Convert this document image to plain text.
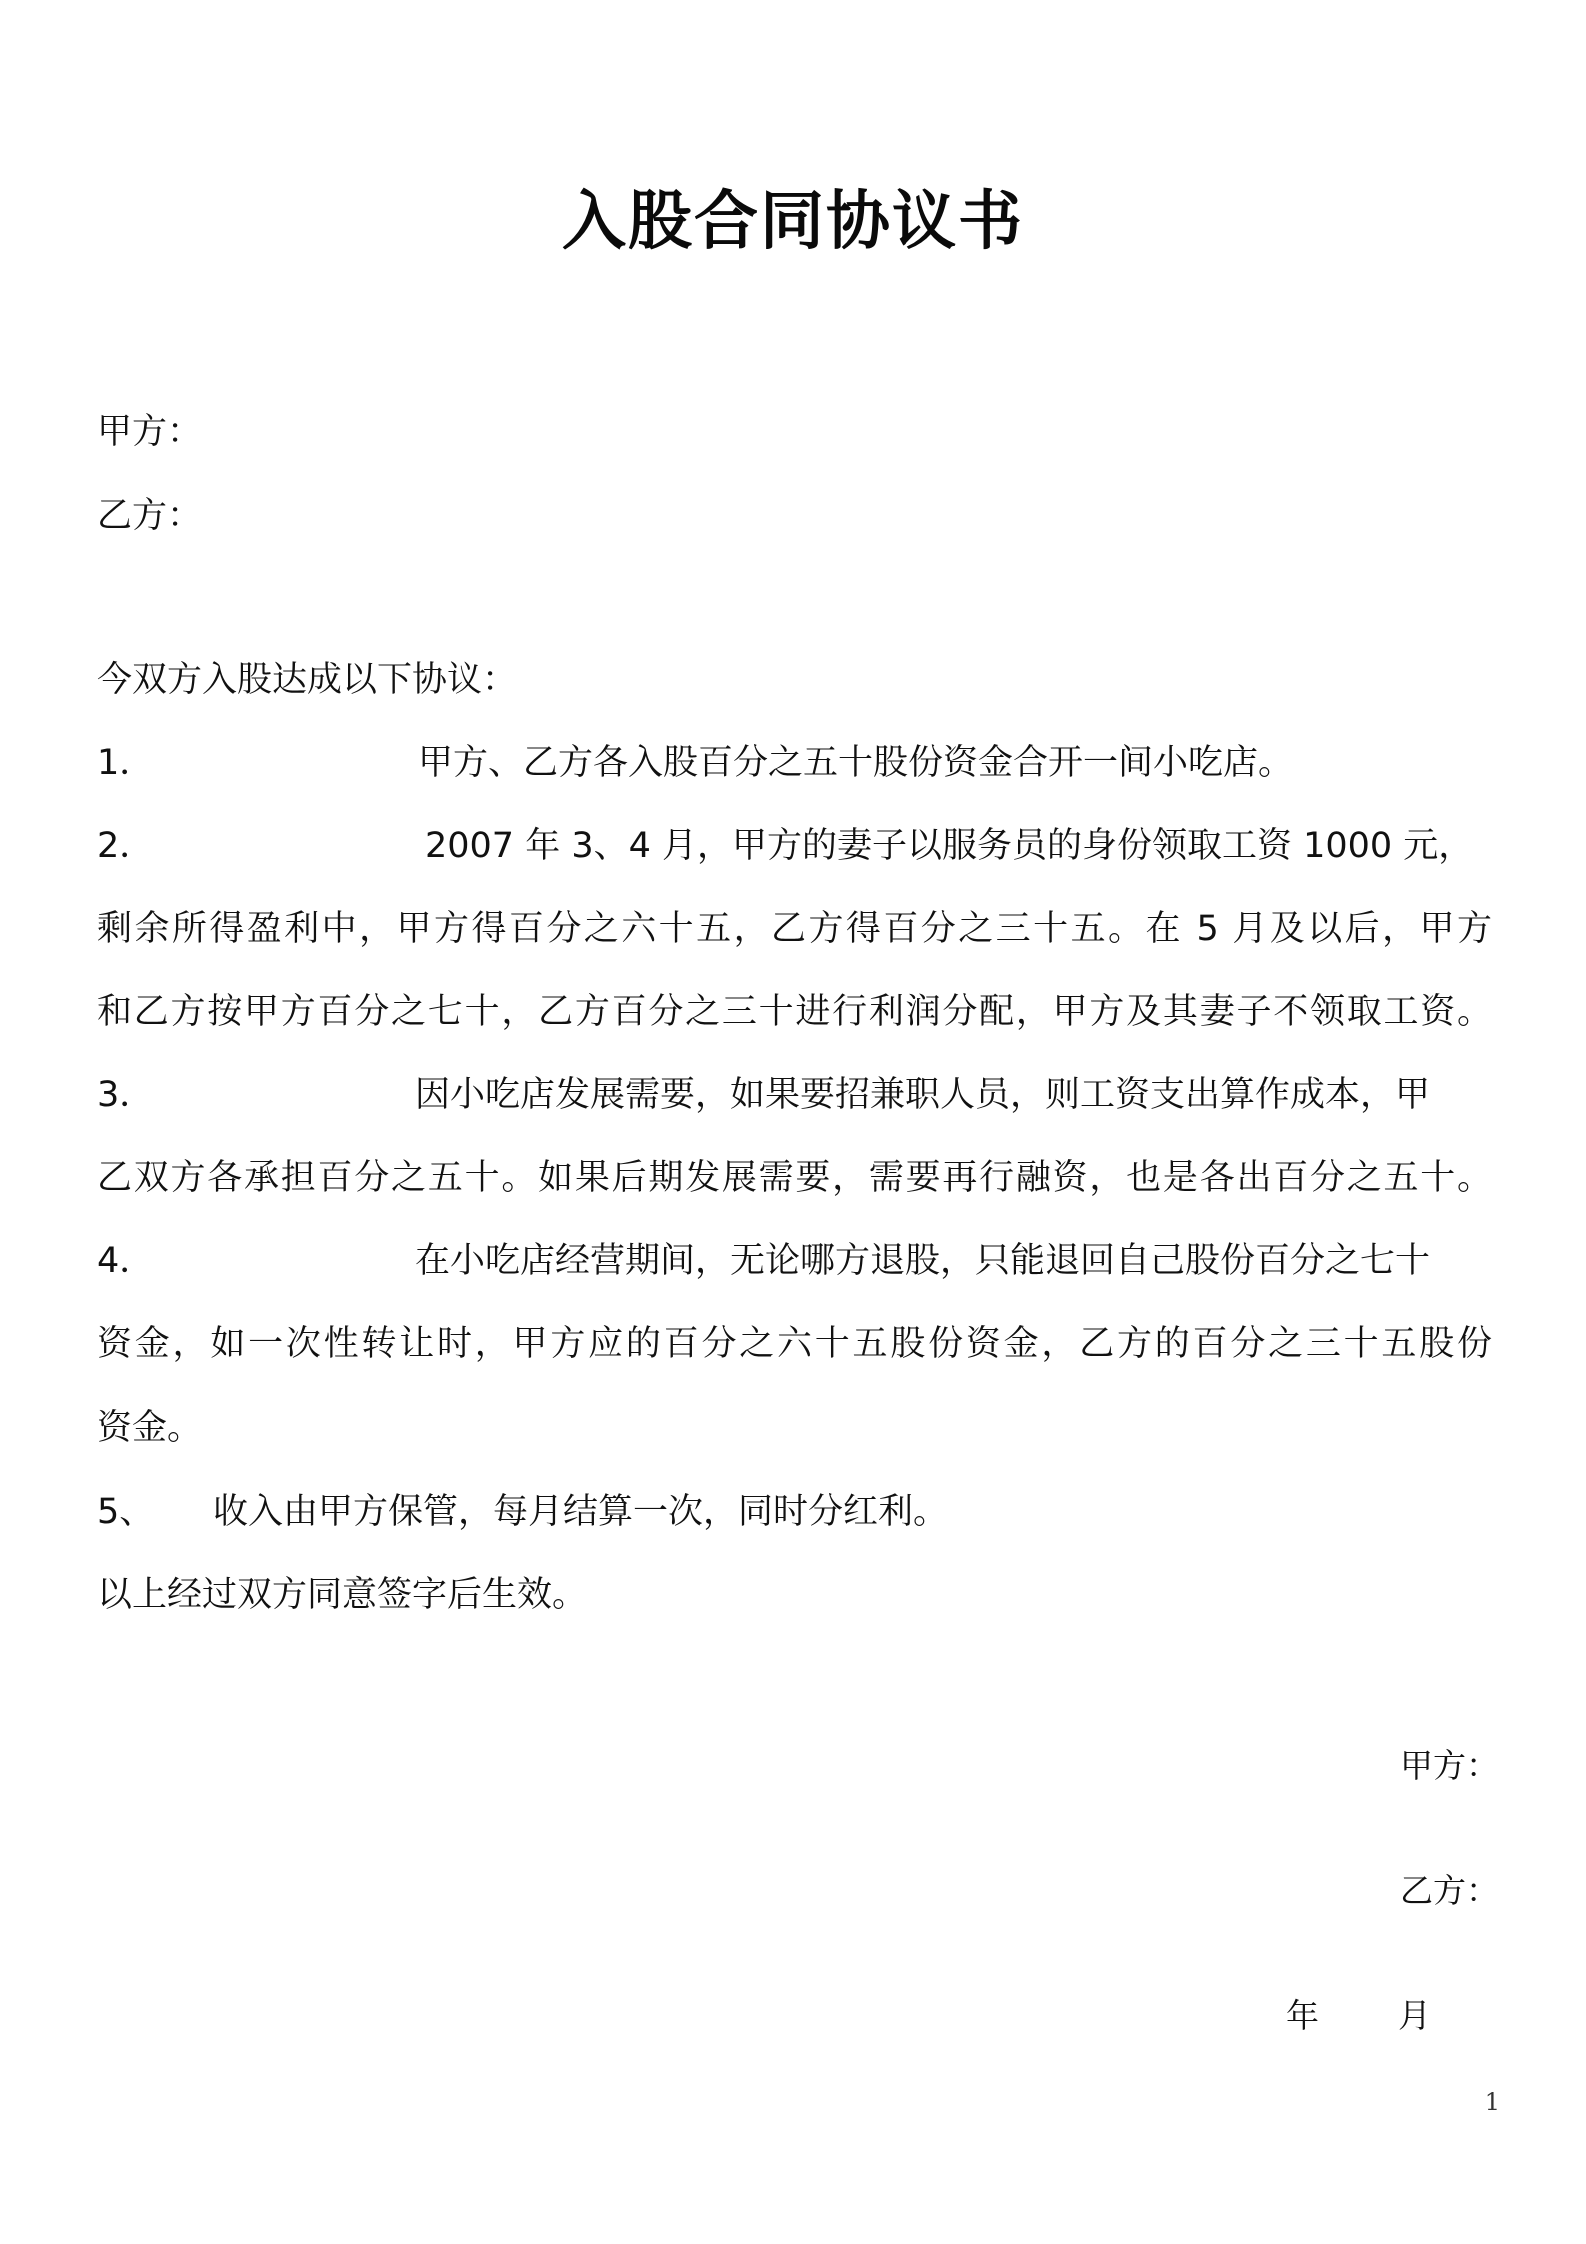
入股合同协议书
甲方：
乙方：
今双方入股达成以下协议：
1．	甲方、乙方各入股百分之五十股份资金合开一间小吃店。
2．	2007 年 3、4 月，甲方的妻子以服务员的身份领取工资 1000 元，
剩余所得盈利中，甲方得百分之六十五，乙方得百分之三十五。在 5 月及以后，甲方
和乙方按甲方百分之七十，乙方百分之三十进行利润分配，甲方及其妻子不领取工资。
3．	因小吃店发展需要，如果要招兼职人员，则工资支出算作成本，甲
乙双方各承担百分之五十。如果后期发展需要，需要再行融资，也是各出百分之五十。
4．	在小吃店经营期间，无论哪方退股，只能退回自己股份百分之七十
资金，如一次性转让时，甲方应的百分之六十五股份资金，乙方的百分之三十五股份
资金。
5、 收入由甲方保管，每月结算一次，同时分红利。
以上经过双方同意签字后生效。
甲方：
乙方：
年 月
1
